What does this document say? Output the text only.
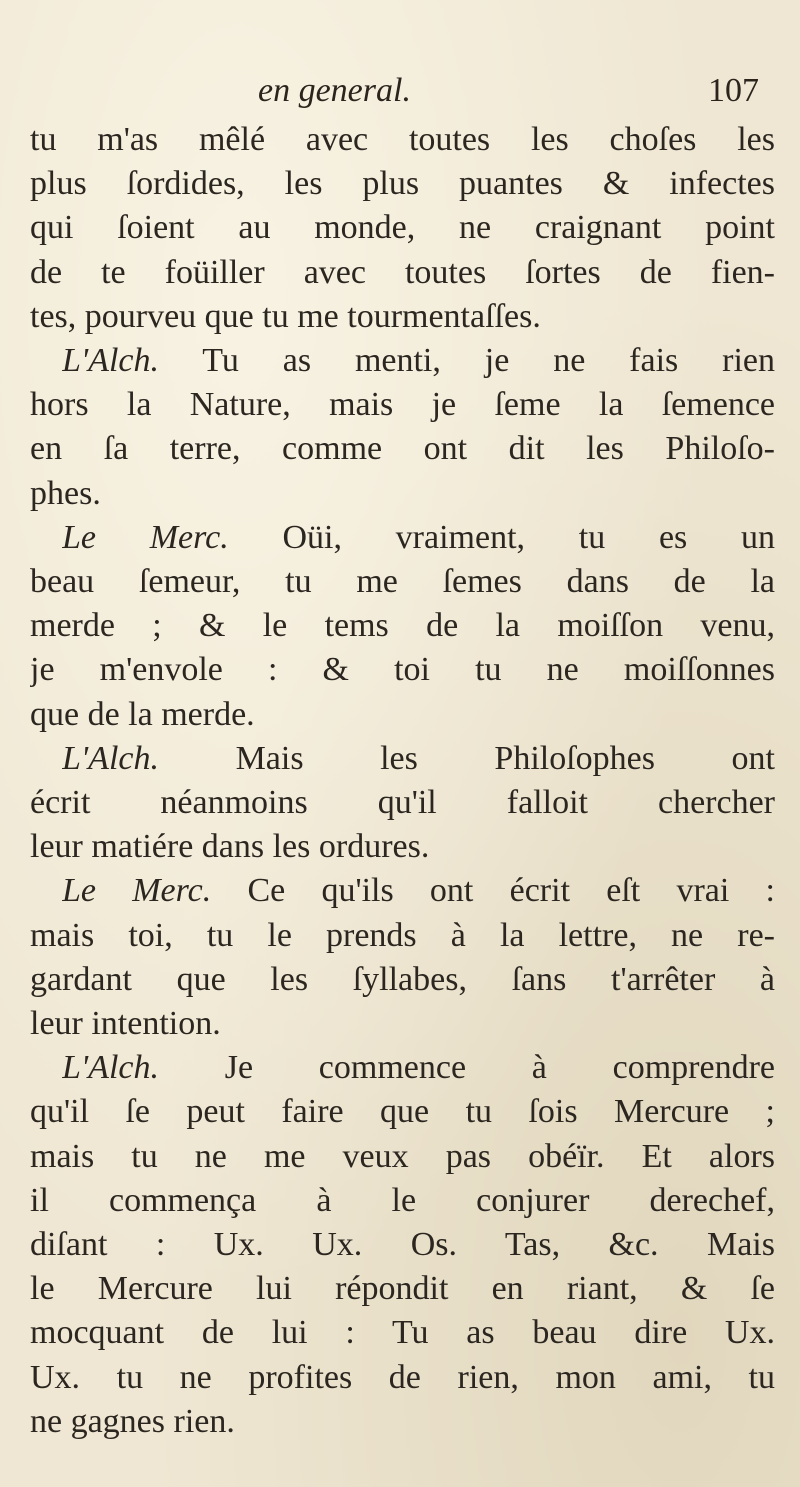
en general.	107
tu m'as mêlé avec toutes les choſes les
plus ſordides, les plus puantes & infectes
qui ſoient au monde, ne craignant point
de te foüiller avec toutes ſortes de fien-
tes, pourveu que tu me tourmentaſſes.
L'Alch. Tu as menti, je ne fais rien
hors la Nature, mais je ſeme la ſemence
en ſa terre, comme ont dit les Philoſo-
phes.
Le Merc. Oüi, vraiment, tu es un
beau ſemeur, tu me ſemes dans de la
merde ; & le tems de la moiſſon venu,
je m'envole : & toi tu ne moiſſonnes
que de la merde.
L'Alch. Mais les Philoſophes ont
écrit néanmoins qu'il falloit chercher
leur matiére dans les ordures.
Le Merc. Ce qu'ils ont écrit eſt vrai :
mais toi, tu le prends à la lettre, ne re-
gardant que les ſyllabes, ſans t'arrêter à
leur intention.
L'Alch. Je commence à comprendre
qu'il ſe peut faire que tu ſois Mercure ;
mais tu ne me veux pas obéïr. Et alors
il commença à le conjurer derechef,
diſant : Ux. Ux. Os. Tas, &c. Mais
le Mercure lui répondit en riant, & ſe
mocquant de lui : Tu as beau dire Ux.
Ux. tu ne profites de rien, mon ami, tu
ne gagnes rien.
